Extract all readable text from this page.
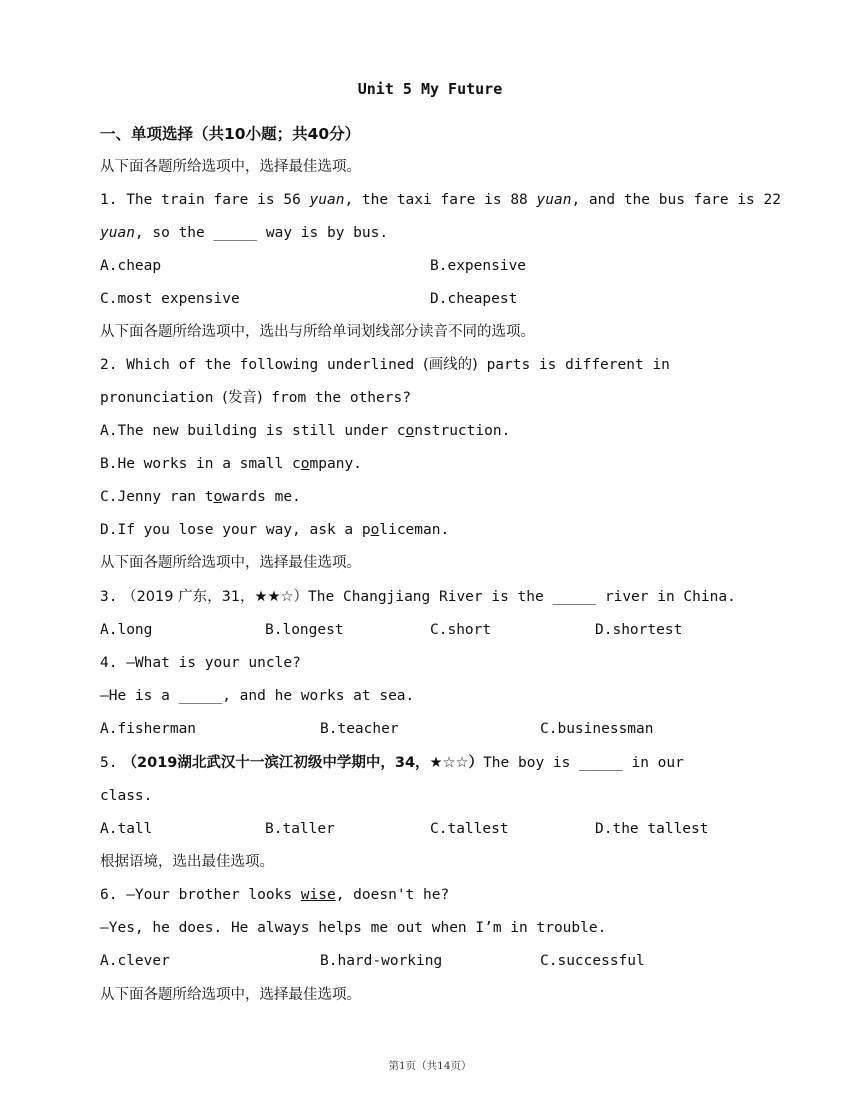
Unit 5 My Future
一、单项选择（共10小题；共40分）
从下面各题所给选项中，选择最佳选项。
1. The train fare is 56 yuan, the taxi fare is 88 yuan, and the bus fare is 22
yuan, so the _____ way is by bus.
A.cheap	B.expensive
C.most expensive	D.cheapest
从下面各题所给选项中，选出与所给单词划线部分读音不同的选项。
2. Which of the following underlined (画线的) parts is different in
pronunciation (发音) from the others?
A.The new building is still under construction.
B.He works in a small company.
C.Jenny ran towards me.
D.If you lose your way, ask a policeman.
从下面各题所给选项中，选择最佳选项。
3. （2019 广东，31，★★☆）The Changjiang River is the _____ river in China.
A.long	B.longest	C.short	D.shortest
4. —What is your uncle?
—He is a _____, and he works at sea.
A.fisherman	B.teacher	C.businessman
5. （2019湖北武汉十一滨江初级中学期中，34，★☆☆）The boy is _____ in our
class.
A.tall	B.taller	C.tallest	D.the tallest
根据语境，选出最佳选项。
6. —Your brother looks wise, doesn't he?
—Yes, he does. He always helps me out when I’m in trouble.
A.clever	B.hard-working	C.successful
从下面各题所给选项中，选择最佳选项。
第1页（共14页）
